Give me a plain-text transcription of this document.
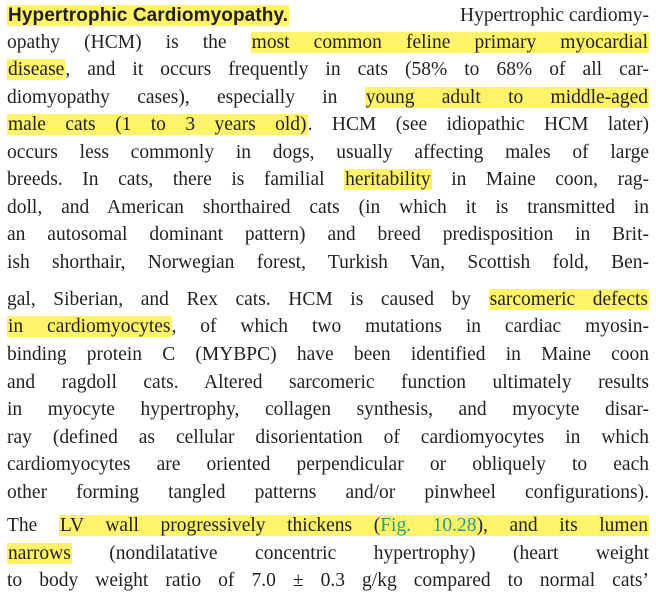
Hypertrophic Cardiomyopathy.	Hypertrophic cardiomy-
opathy (HCM) is the most common feline primary myocardial
disease, and it occurs frequently in cats (58% to 68% of all car-
diomyopathy cases), especially in young adult to middle-aged
male cats (1 to 3 years old). HCM (see idiopathic HCM later)
occurs less commonly in dogs, usually affecting males of large
breeds. In cats, there is familial heritability in Maine coon, rag-
doll, and American shorthaired cats (in which it is transmitted in
an autosomal dominant pattern) and breed predisposition in Brit-
ish shorthair, Norwegian forest, Turkish Van, Scottish fold, Ben-
gal, Siberian, and Rex cats. HCM is caused by sarcomeric defects
in cardiomyocytes, of which two mutations in cardiac myosin-
binding protein C (MYBPC) have been identified in Maine coon
and ragdoll cats. Altered sarcomeric function ultimately results
in myocyte hypertrophy, collagen synthesis, and myocyte disar-
ray (defined as cellular disorientation of cardiomyocytes in which
cardiomyocytes are oriented perpendicular or obliquely to each
other forming tangled patterns and/or pinwheel configurations).
The LV wall progressively thickens (Fig. 10.28), and its lumen
narrows (nondilatative concentric hypertrophy) (heart weight
to body weight ratio of 7.0 ± 0.3 g/kg compared to normal cats’
